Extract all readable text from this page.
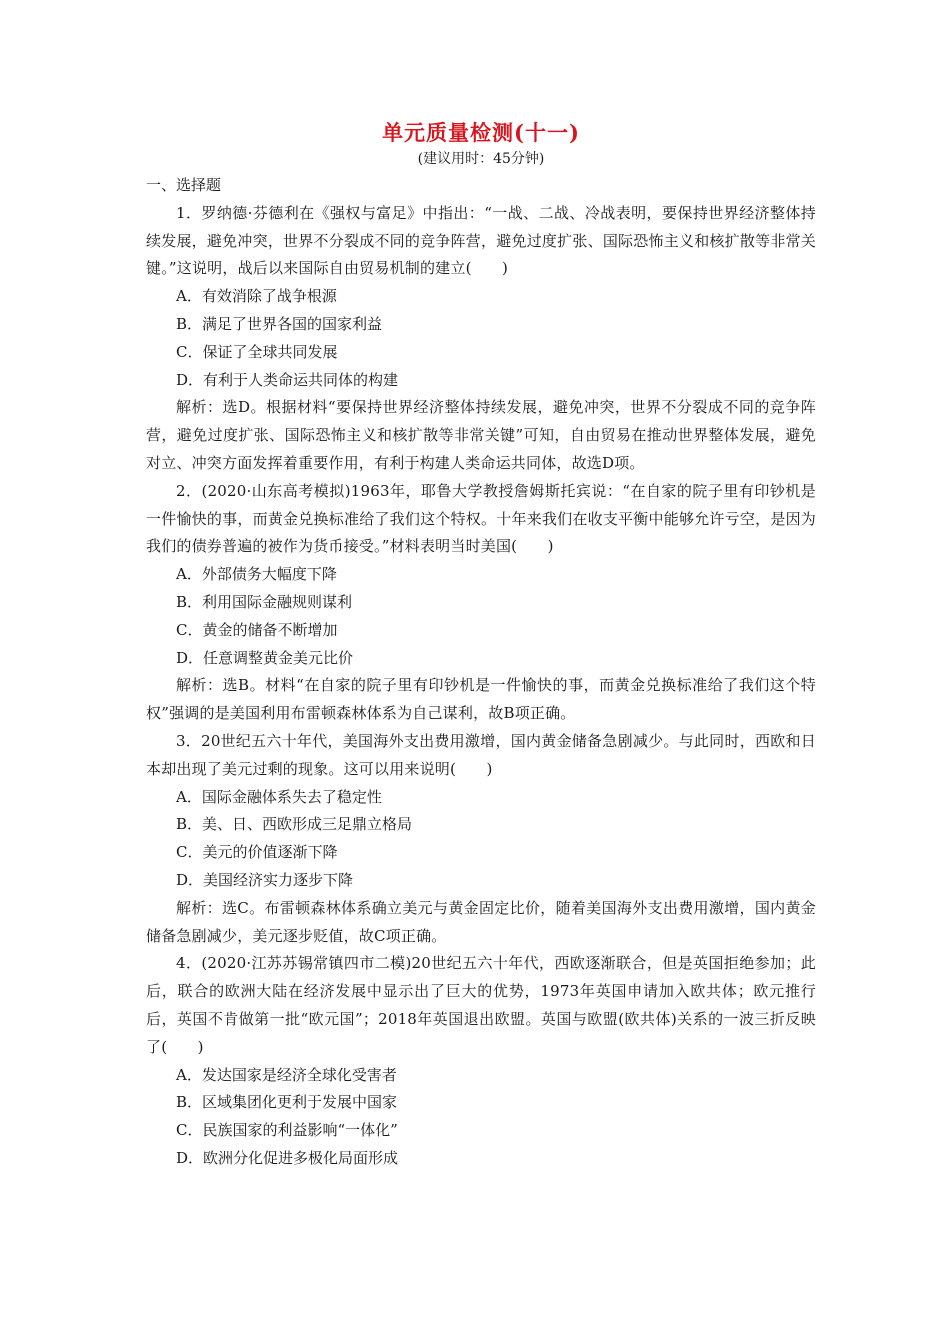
单元质量检测(十一)
(建议用时：45分钟)
一、选择题

1．罗纳德·芬德利在《强权与富足》中指出：“一战、二战、冷战表明，要保持世界经济整体持续发展，避免冲突，世界不分裂成不同的竞争阵营，避免过度扩张、国际恐怖主义和核扩散等非常关键。”这说明，战后以来国际自由贸易机制的建立(　　)

A．有效消除了战争根源

B．满足了世界各国的国家利益

C．保证了全球共同发展

D．有利于人类命运共同体的构建

解析：选D。根据材料“要保持世界经济整体持续发展，避免冲突，世界不分裂成不同的竞争阵营，避免过度扩张、国际恐怖主义和核扩散等非常关键”可知，自由贸易在推动世界整体发展，避免对立、冲突方面发挥着重要作用，有利于构建人类命运共同体，故选D项。

2．(2020·山东高考模拟)1963年，耶鲁大学教授詹姆斯托宾说：“在自家的院子里有印钞机是一件愉快的事，而黄金兑换标准给了我们这个特权。十年来我们在收支平衡中能够允许亏空，是因为我们的债券普遍的被作为货币接受。”材料表明当时美国(　　)

A．外部债务大幅度下降

B．利用国际金融规则谋利

C．黄金的储备不断增加

D．任意调整黄金美元比价

解析：选B。材料“在自家的院子里有印钞机是一件愉快的事，而黄金兑换标准给了我们这个特权”强调的是美国利用布雷顿森林体系为自己谋利，故B项正确。

3．20世纪五六十年代，美国海外支出费用激增，国内黄金储备急剧减少。与此同时，西欧和日本却出现了美元过剩的现象。这可以用来说明(　　)

A．国际金融体系失去了稳定性

B．美、日、西欧形成三足鼎立格局

C．美元的价值逐渐下降

D．美国经济实力逐步下降

解析：选C。布雷顿森林体系确立美元与黄金固定比价，随着美国海外支出费用激增，国内黄金储备急剧减少，美元逐步贬值，故C项正确。

4．(2020·江苏苏锡常镇四市二模)20世纪五六十年代，西欧逐渐联合，但是英国拒绝参加；此后，联合的欧洲大陆在经济发展中显示出了巨大的优势，1973年英国申请加入欧共体；欧元推行后，英国不肯做第一批“欧元国”；2018年英国退出欧盟。英国与欧盟(欧共体)关系的一波三折反映了(　　)

A．发达国家是经济全球化受害者

B．区域集团化更利于发展中国家

C．民族国家的利益影响“一体化”

D．欧洲分化促进多极化局面形成
